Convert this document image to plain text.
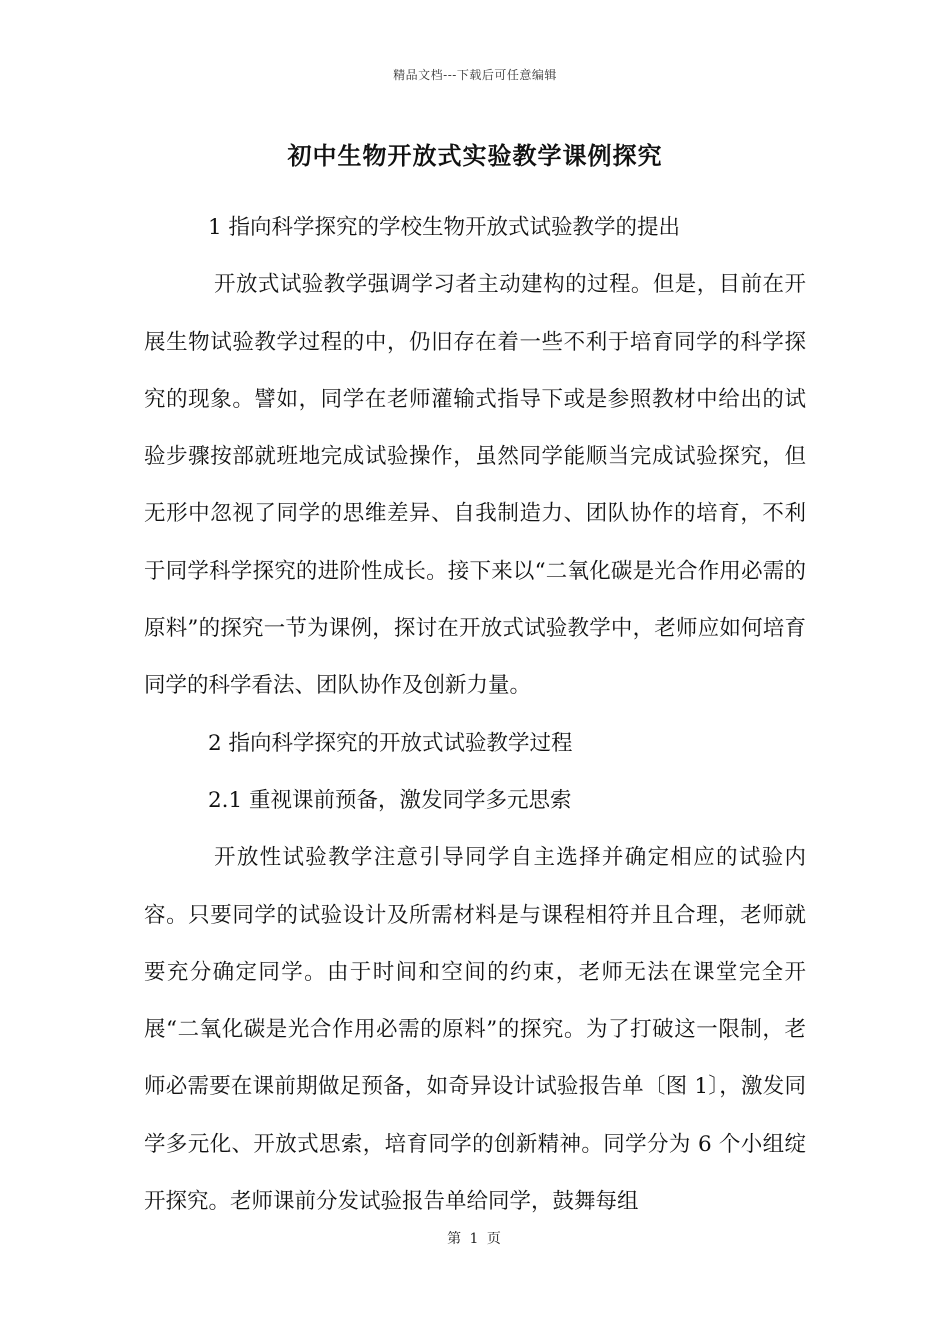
精品文档---下载后可任意编辑
初中生物开放式实验教学课例探究

1 指向科学探究的学校生物开放式试验教学的提出

开放式试验教学强调学习者主动建构的过程。但是，目前在开展生物试验教学过程的中，仍旧存在着一些不利于培育同学的科学探究的现象。譬如，同学在老师灌输式指导下或是参照教材中给出的试验步骤按部就班地完成试验操作，虽然同学能顺当完成试验探究，但无形中忽视了同学的思维差异、自我制造力、团队协作的培育，不利于同学科学探究的进阶性成长。接下来以“二氧化碳是光合作用必需的原料”的探究一节为课例，探讨在开放式试验教学中，老师应如何培育同学的科学看法、团队协作及创新力量。

2 指向科学探究的开放式试验教学过程

2.1 重视课前预备，激发同学多元思索

开放性试验教学注意引导同学自主选择并确定相应的试验内容。只要同学的试验设计及所需材料是与课程相符并且合理，老师就要充分确定同学。由于时间和空间的约束，老师无法在课堂完全开展“二氧化碳是光合作用必需的原料”的探究。为了打破这一限制，老师必需要在课前期做足预备，如奇异设计试验报告单〔图 1〕，激发同学多元化、开放式思索，培育同学的创新精神。同学分为 6 个小组绽开探究。老师课前分发试验报告单给同学，鼓舞每组

第 1 页
